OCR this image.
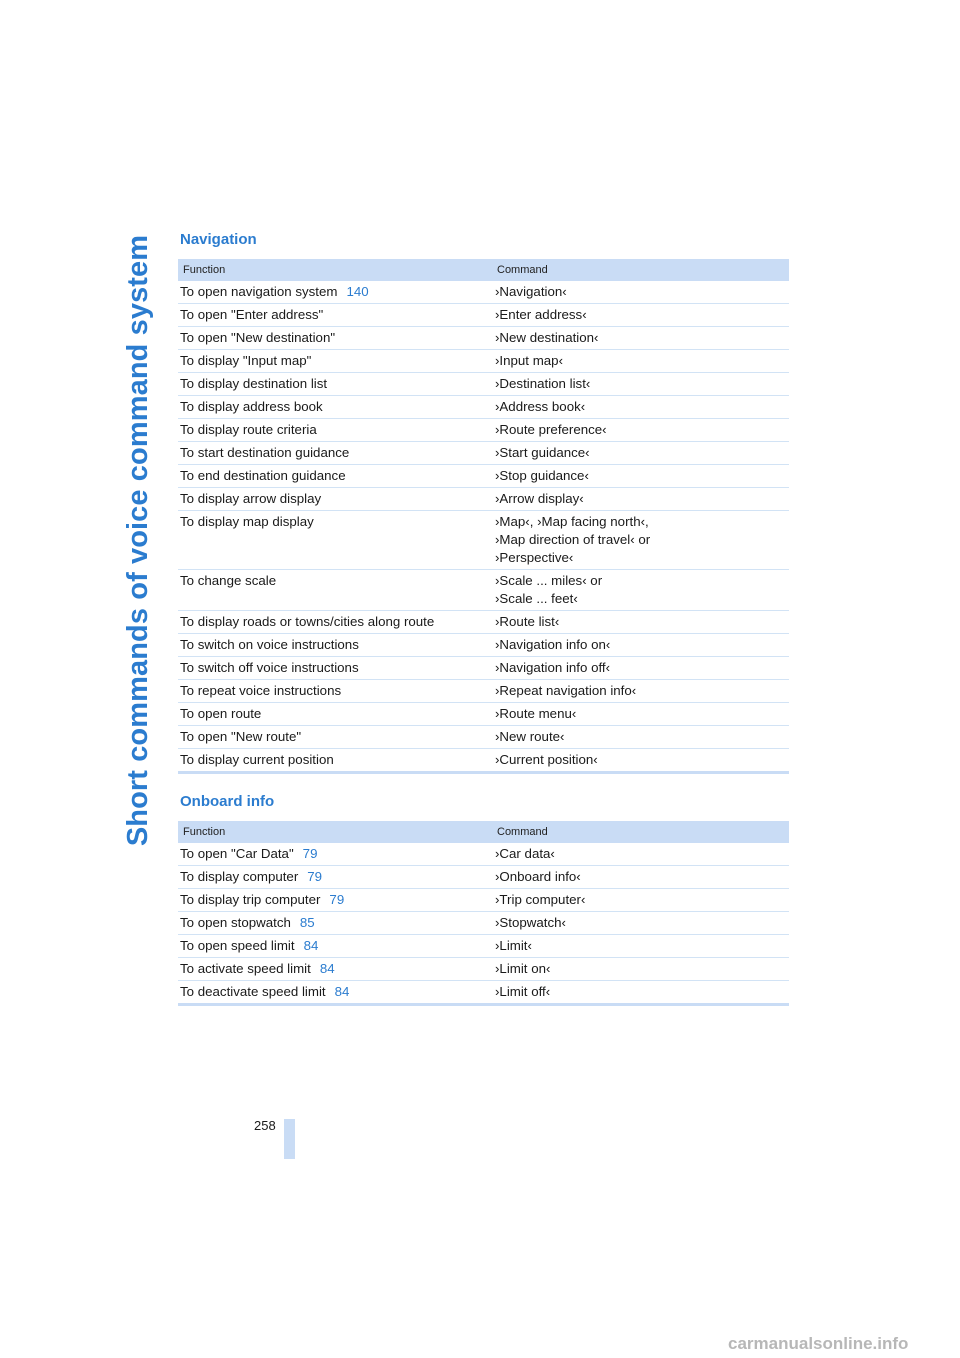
Short commands of voice command system Navigation
Function	Command
To open navigation system 140	›Navigation‹
To open "Enter address"	›Enter address‹
To open "New destination"	›New destination‹
To display "Input map"	›Input map‹
To display destination list	›Destination list‹
To display address book	›Address book‹
To display route criteria	›Route preference‹
To start destination guidance	›Start guidance‹
To end destination guidance	›Stop guidance‹
To display arrow display	›Arrow display‹
To display map display	›Map‹, ›Map facing north‹,
›Map direction of travel‹ or
›Perspective‹
To change scale	›Scale ... miles‹ or
›Scale ... feet‹
To display roads or towns/cities along route	›Route list‹
To switch on voice instructions	›Navigation info on‹
To switch off voice instructions	›Navigation info off‹
To repeat voice instructions	›Repeat navigation info‹
To open route	›Route menu‹
To open "New route"	›New route‹
To display current position	›Current position‹
Onboard info
Function	Command
To open "Car Data" 79	›Car data‹
To display computer 79	›Onboard info‹
To display trip computer 79	›Trip computer‹
To open stopwatch 85	›Stopwatch‹
To open speed limit 84	›Limit‹
To activate speed limit 84	›Limit on‹
To deactivate speed limit 84	›Limit off‹
258
carmanualsonline.info
